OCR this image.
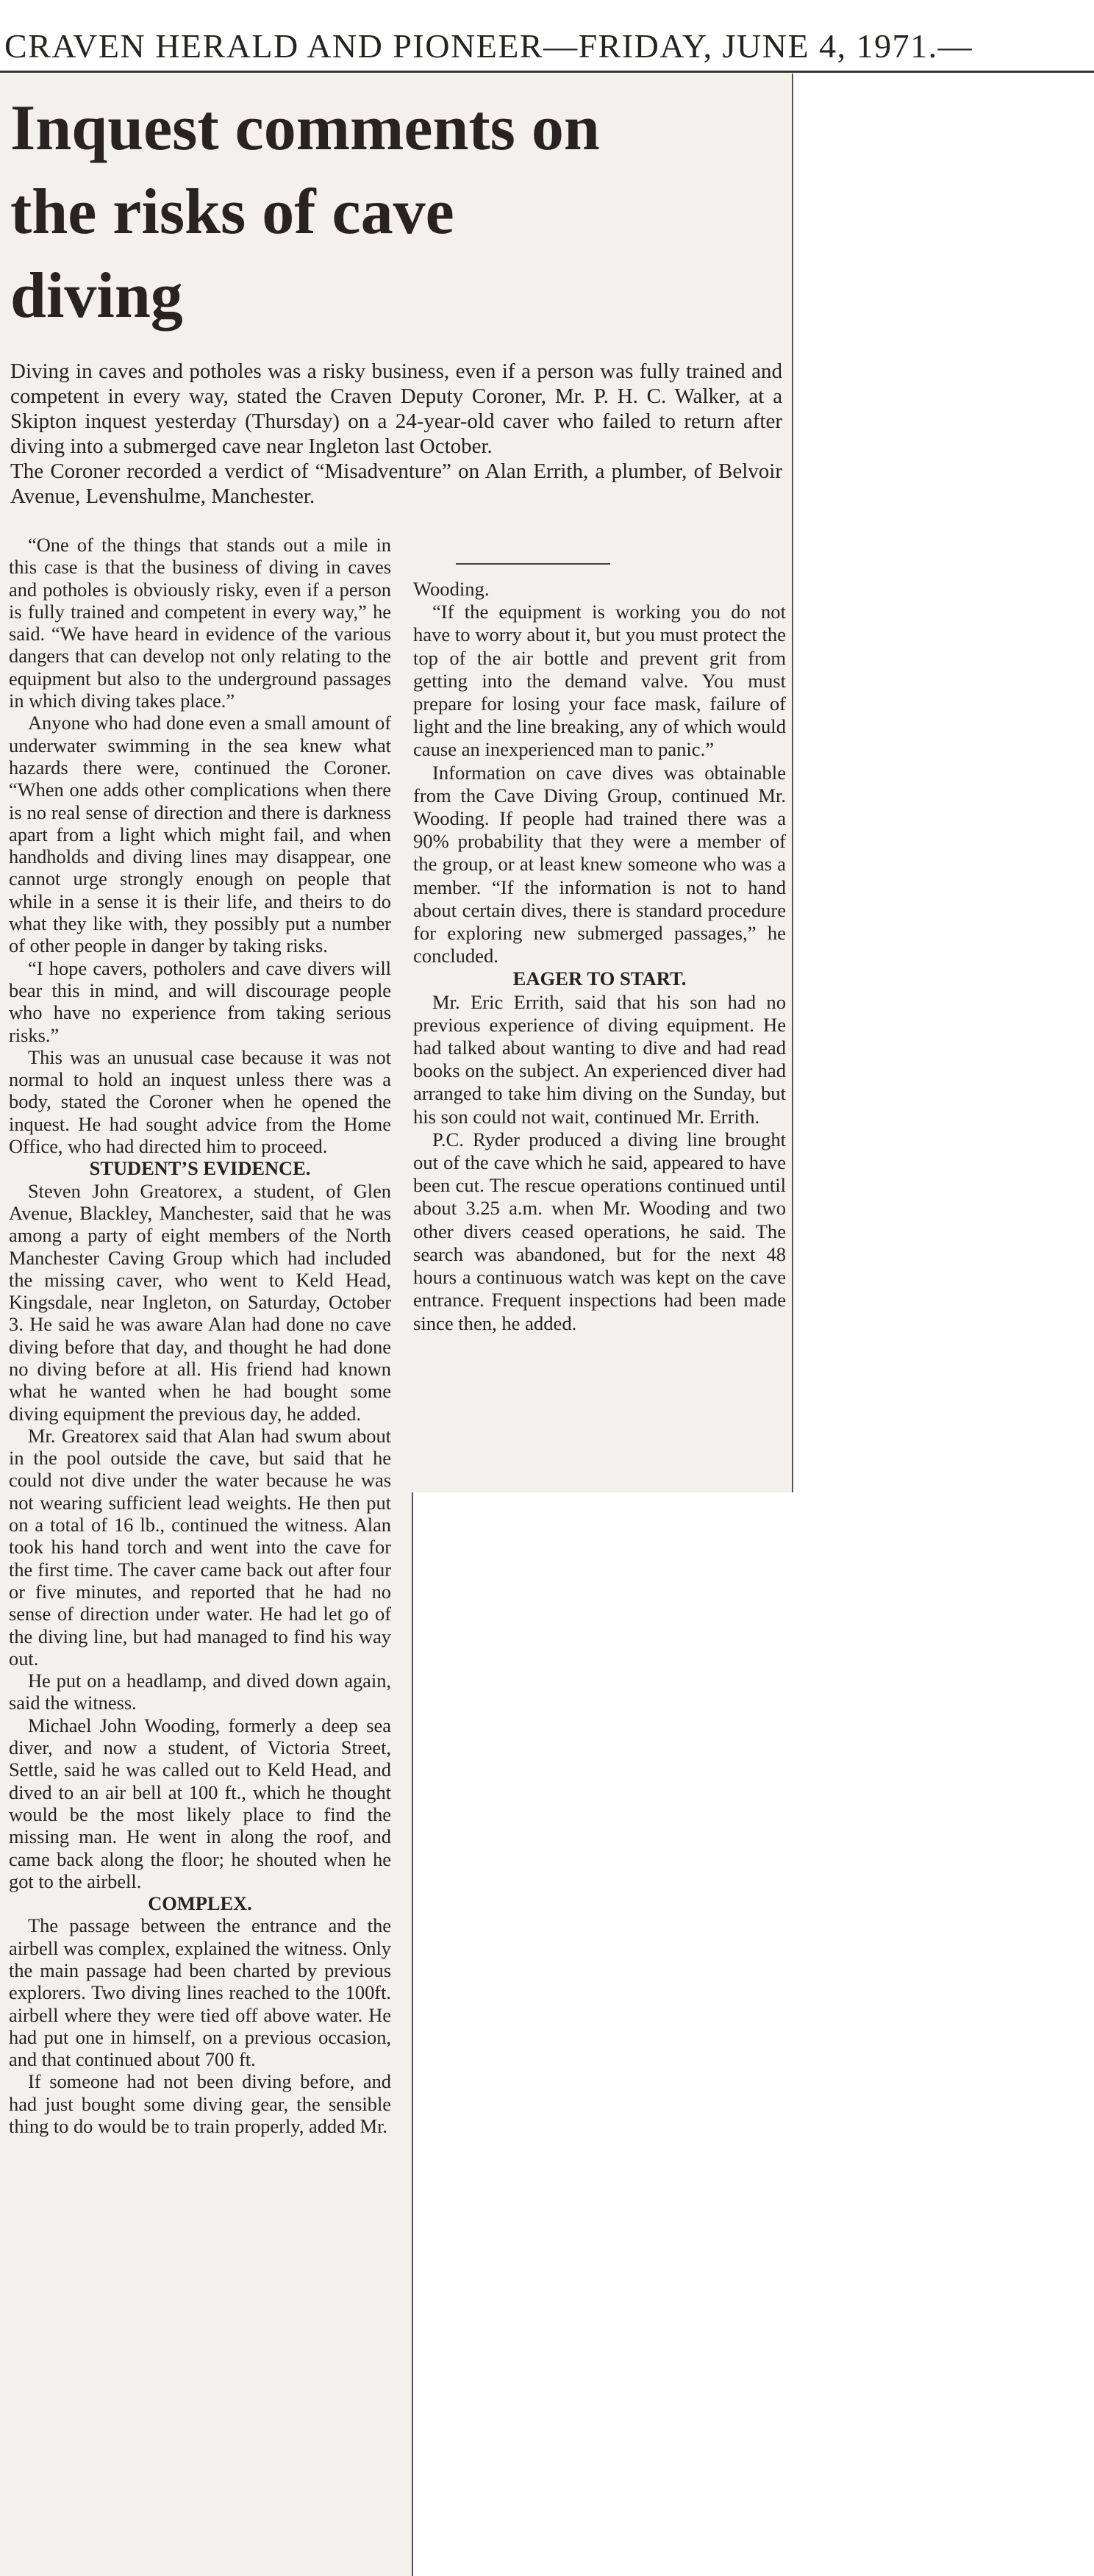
CRAVEN HERALD AND PIONEER—FRIDAY, JUNE 4, 1971.—
Inquest comments on
the risks of cave
diving

Diving in caves and potholes was a risky business, even if a person was fully trained and competent in every way, stated the Craven Deputy Coroner, Mr. P. H. C. Walker, at a Skipton inquest yesterday (Thursday) on a 24-year-old caver who failed to return after diving into a submerged cave near Ingleton last October.

The Coroner recorded a verdict of “Misadventure” on Alan Errith, a plumber, of Belvoir Avenue, Levenshulme, Manchester.

“One of the things that stands out a mile in this case is that the business of diving in caves and potholes is obviously risky, even if a person is fully trained and competent in every way,” he said. “We have heard in evidence of the various dangers that can develop not only relating to the equipment but also to the underground passages in which diving takes place.”

Anyone who had done even a small amount of underwater swimming in the sea knew what hazards there were, continued the Coroner. “When one adds other complications when there is no real sense of direction and there is darkness apart from a light which might fail, and when handholds and diving lines may disappear, one cannot urge strongly enough on people that while in a sense it is their life, and theirs to do what they like with, they possibly put a number of other people in danger by taking risks.

“I hope cavers, potholers and cave divers will bear this in mind, and will discourage people who have no experience from taking serious risks.”

This was an unusual case because it was not normal to hold an inquest unless there was a body, stated the Coroner when he opened the inquest. He had sought advice from the Home Office, who had directed him to proceed.

STUDENT’S EVIDENCE.

Steven John Greatorex, a student, of Glen Avenue, Blackley, Manchester, said that he was among a party of eight members of the North Manchester Caving Group which had included the missing caver, who went to Keld Head, Kingsdale, near Ingleton, on Saturday, October 3. He said he was aware Alan had done no cave diving before that day, and thought he had done no diving before at all. His friend had known what he wanted when he had bought some diving equipment the previous day, he added.

Mr. Greatorex said that Alan had swum about in the pool outside the cave, but said that he could not dive under the water because he was not wearing sufficient lead weights. He then put on a total of 16 lb., continued the witness. Alan took his hand torch and went into the cave for the first time. The caver came back out after four or five minutes, and reported that he had no sense of direction under water. He had let go of the diving line, but had managed to find his way out.

He put on a headlamp, and dived down again, said the witness.

Michael John Wooding, formerly a deep sea diver, and now a student, of Victoria Street, Settle, said he was called out to Keld Head, and dived to an air bell at 100 ft., which he thought would be the most likely place to find the missing man. He went in along the roof, and came back along the floor; he shouted when he got to the airbell.

COMPLEX.

The passage between the entrance and the airbell was complex, explained the witness. Only the main passage had been charted by previous explorers. Two diving lines reached to the 100ft. airbell where they were tied off above water. He had put one in himself, on a previous occasion, and that continued about 700 ft.

If someone had not been diving before, and had just bought some diving gear, the sensible thing to do would be to train properly, added Mr.

Wooding.

“If the equipment is working you do not have to worry about it, but you must protect the top of the air bottle and prevent grit from getting into the demand valve. You must prepare for losing your face mask, failure of light and the line breaking, any of which would cause an inexperienced man to panic.”

Information on cave dives was obtainable from the Cave Diving Group, continued Mr. Wooding. If people had trained there was a 90% probability that they were a member of the group, or at least knew someone who was a member. “If the information is not to hand about certain dives, there is standard procedure for exploring new submerged passages,” he concluded.

EAGER TO START.

Mr. Eric Errith, said that his son had no previous experience of diving equipment. He had talked about wanting to dive and had read books on the subject. An experienced diver had arranged to take him diving on the Sunday, but his son could not wait, continued Mr. Errith.

P.C. Ryder produced a diving line brought out of the cave which he said, appeared to have been cut. The rescue operations continued until about 3.25 a.m. when Mr. Wooding and two other divers ceased operations, he said. The search was abandoned, but for the next 48 hours a continuous watch was kept on the cave entrance. Frequent inspections had been made since then, he added.
